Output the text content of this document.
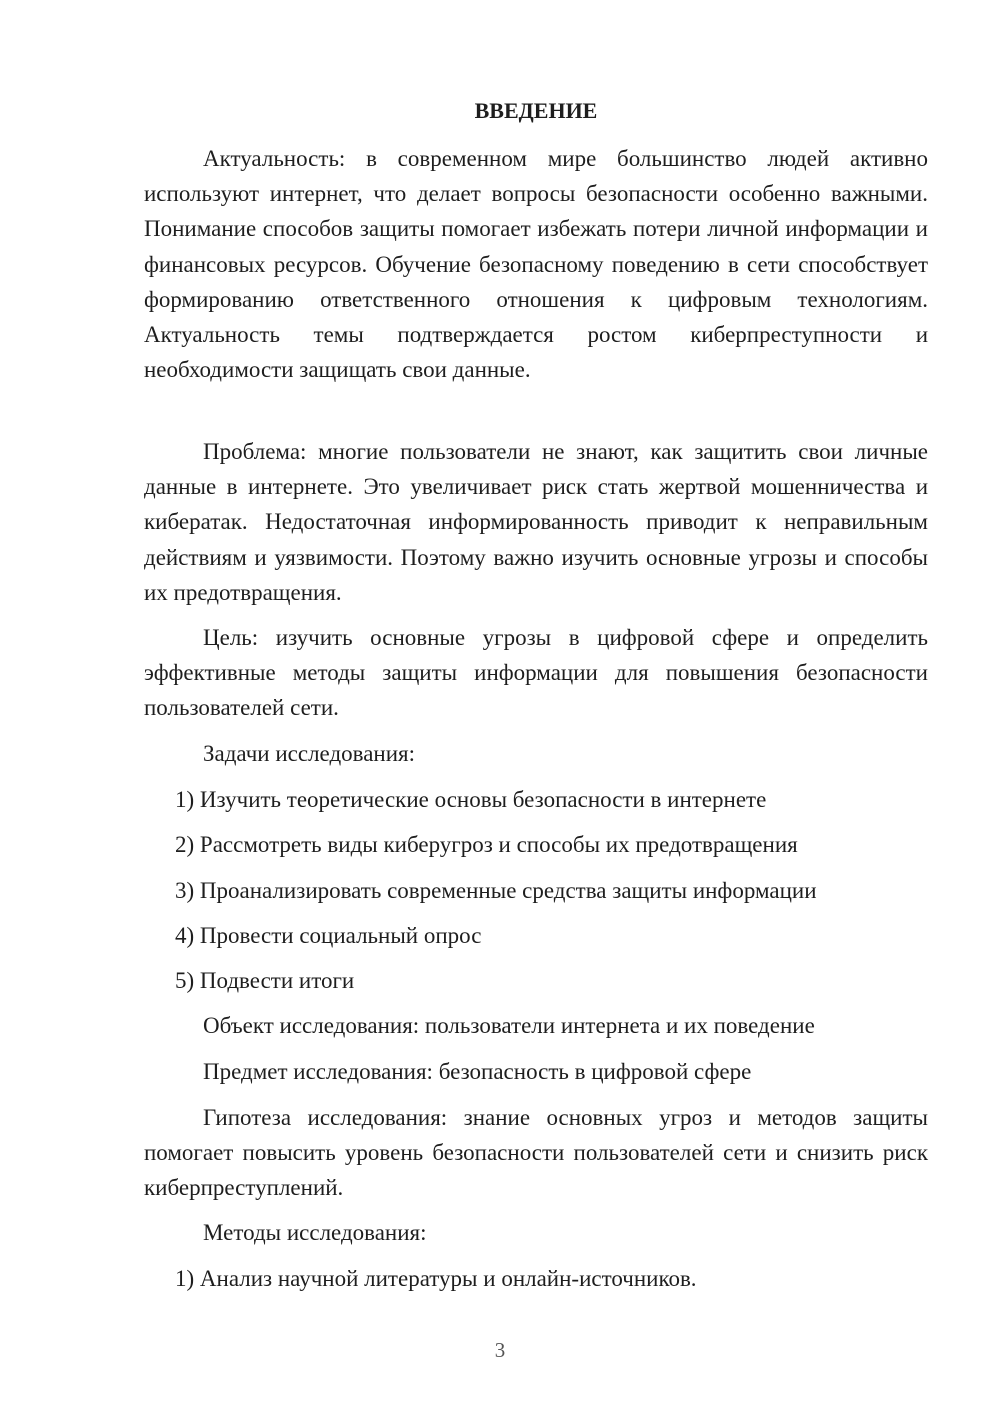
ВВЕДЕНИЕ
Актуальность: в современном мире большинство людей активно используют интернет, что делает вопросы безопасности особенно важными. Понимание способов защиты помогает избежать потери личной информации и финансовых ресурсов. Обучение безопасному поведению в сети способствует формированию ответственного отношения к цифровым технологиям. Актуальность темы подтверждается ростом киберпреступности и необходимости защищать свои данные.
Проблема: многие пользователи не знают, как защитить свои личные данные в интернете. Это увеличивает риск стать жертвой мошенничества и кибератак. Недостаточная информированность приводит к неправильным действиям и уязвимости. Поэтому важно изучить основные угрозы и способы их предотвращения.
Цель: изучить основные угрозы в цифровой сфере и определить эффективные методы защиты информации для повышения безопасности пользователей сети.
Задачи исследования:
1) Изучить теоретические основы безопасности в интернете
2) Рассмотреть виды киберугроз и способы их предотвращения
3) Проанализировать современные средства защиты информации
4) Провести социальный опрос
5) Подвести итоги
Объект исследования: пользователи интернета и их поведение
Предмет исследования: безопасность в цифровой сфере
Гипотеза исследования: знание основных угроз и методов защиты помогает повысить уровень безопасности пользователей сети и снизить риск киберпреступлений.
Методы исследования:
1) Анализ научной литературы и онлайн-источников.
3
